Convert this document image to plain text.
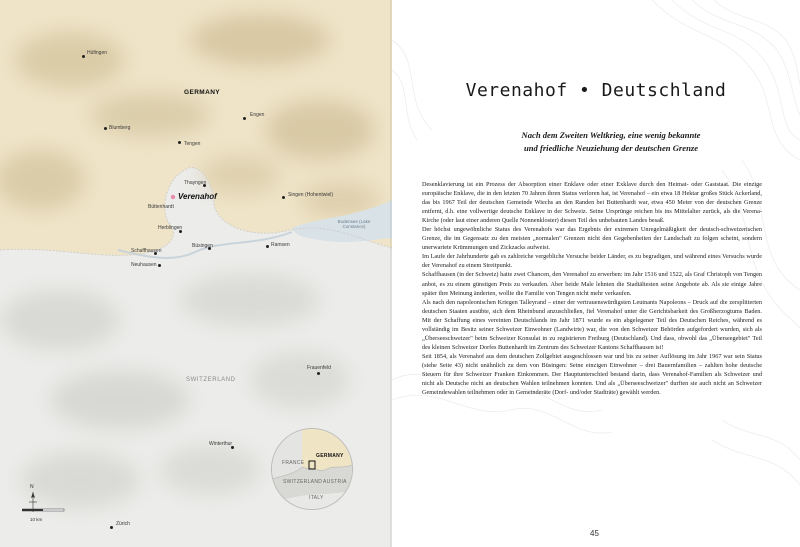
GERMANY
SWITZERLAND
Bodensee (Lake Constance)
Hüfingen
Blumberg
Engen
Tengen
Thayngen
Singen (Hohentwiel)
Verenahof
Büttenhardt
Herblingen
Schaffhausen
Büsingen	Ramsen
Neuhausen
Frauenfeld
Winterthur
Zürich
GERMANY
FRANCE
SWITZERLAND AUSTRIA
ITALY
N
10 km
Verenahof • Deutschland
Nach dem Zweiten Weltkrieg, eine wenig bekannte
und friedliche Neuziehung der deutschen Grenze

Desenklavierung ist ein Prozess der Absorption einer Enklave oder einer Exklave durch den Heimat- oder Gaststaat. Die einzige europäische Enklave, die in den letzten 70 Jahren ihren Status verloren hat, ist Verenahof – ein etwa 18 Hektar großes Stück Ackerland, das bis 1967 Teil der deutschen Gemeinde Wiechs an den Randen bei Buttenhardt war, etwa 450 Meter von der deutschen Grenze entfernt, d.h. eine vollwertige deutsche Enklave in der Schweiz. Seine Ursprünge reichen bis ins Mittelalter zurück, als die Verena-Kirche (oder laut einer anderen Quelle Nonnenkloster) diesen Teil des unbebauten Landes besaß.

Der höchst ungewöhnliche Status des Verenahofs war das Ergebnis der extremen Unregelmäßigkeit der deutsch-schweizerischen Grenze, die im Gegensatz zu den meisten „normalen" Grenzen nicht den Gegebenheiten der Landschaft zu folgen scheint, sondern unerwartete Krümmungen und Zickzacks aufweist.

Im Laufe der Jahrhunderte gab es zahlreiche vergebliche Versuche beider Länder, es zu begradigen, und während eines Versuchs wurde der Verenahof zu einem Streitpunkt.

Schaffhausen (in der Schweiz) hatte zwei Chancen, den Verenahof zu erwerben: im Jahr 1516 und 1522, als Graf Christoph von Tengen anbot, es zu einem günstigen Preis zu verkaufen. Aber beide Male lehnten die Stadtältesten seine Angebote ab. Als sie einige Jahre später ihre Meinung änderten, wollte die Familie von Tengen nicht mehr verkaufen.

Als nach den napoleonischen Kriegen Talleyrand – einer der vertrauenswürdigsten Leutnants Napoleons – Druck auf die zersplitterten deutschen Staaten ausübte, sich dem Rheinbund anzuschließen, fiel Verenahof unter die Gerichtsbarkeit des Großherzogtums Baden. Mit der Schaffung eines vereinten Deutschlands im Jahr 1871 wurde es ein abgelegener Teil des Deutschen Reiches, während es vollständig im Besitz seiner Schweizer Einwohner (Landwirte) war, die von den Schweizer Behörden aufgefordert wurden, sich als „Überseeschweizer" beim Schweizer Konsulat in zu registrieren Freiburg (Deutschland). Und dass, obwohl das „Überseegebiet" Teil des kleinen Schweizer Dorfes Buttenhardt im Zentrum des Schweizer Kantons Schaffhausen ist!

Seit 1854, als Verenahof aus dem deutschen Zollgebiet ausgeschlossen war und bis zu seiner Auflösung im Jahr 1967 war sein Status (siehe Seite 43) nicht unähnlich zu dem von Büsingen: Seine einzigen Einwohner – drei Bauernfamilien – zahlten hohe deutsche Steuern für ihre Schweizer Franken Einkommen. Der Hauptunterschied bestand darin, dass Verenahof-Familien als Schweizer und nicht als Deutsche nicht an deutschen Wahlen teilnehmen konnten. Und als „Überseeschweizer" durften sie auch nicht an Schweizer Gemeindewahlen teilnehmen oder in Gemeinderäte (Dorf- und/oder Stadträte) gewählt werden.

45
